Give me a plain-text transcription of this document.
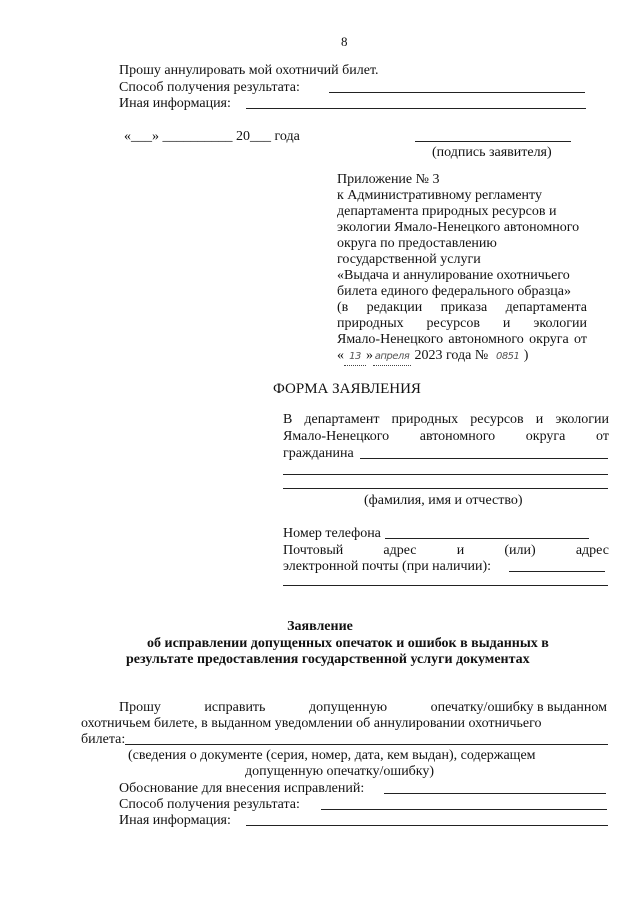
8
Прошу аннулировать мой охотничий билет.
Способ получения результата:
Иная информация:
«___» __________ 20___ года
(подпись заявителя)
Приложение № 3
к Административному регламенту
департамента природных ресурсов и
экологии Ямало-Ненецкого автономного
округа по предоставлению
государственной услуги
«Выдача и аннулирование охотничьего
билета единого федерального образца»
(в редакции приказа департамента
природных ресурсов и экологии
Ямало-Ненецкого автономного округа от
« 13 » апреля 2023 года № 0851 )
ФОРМА ЗАЯВЛЕНИЯ
В департамент природных ресурсов и экологии
Ямало-Ненецкого автономного округа от
гражданина
(фамилия, имя и отчество)
Номер телефона
Почтовый	адрес	и	(или)	адрес
электронной почты (при наличии):
Заявление
об исправлении допущенных опечаток и ошибок в выданных в
результате предоставления государственной услуги документах
Прошу	исправить	допущенную	опечатку/ошибку в выданном
охотничьем билете, в выданном уведомлении об аннулировании охотничьего
билета:
(сведения о документе (серия, номер, дата, кем выдан), содержащем
допущенную опечатку/ошибку)
Обоснование для внесения исправлений:
Способ получения результата:
Иная информация:
